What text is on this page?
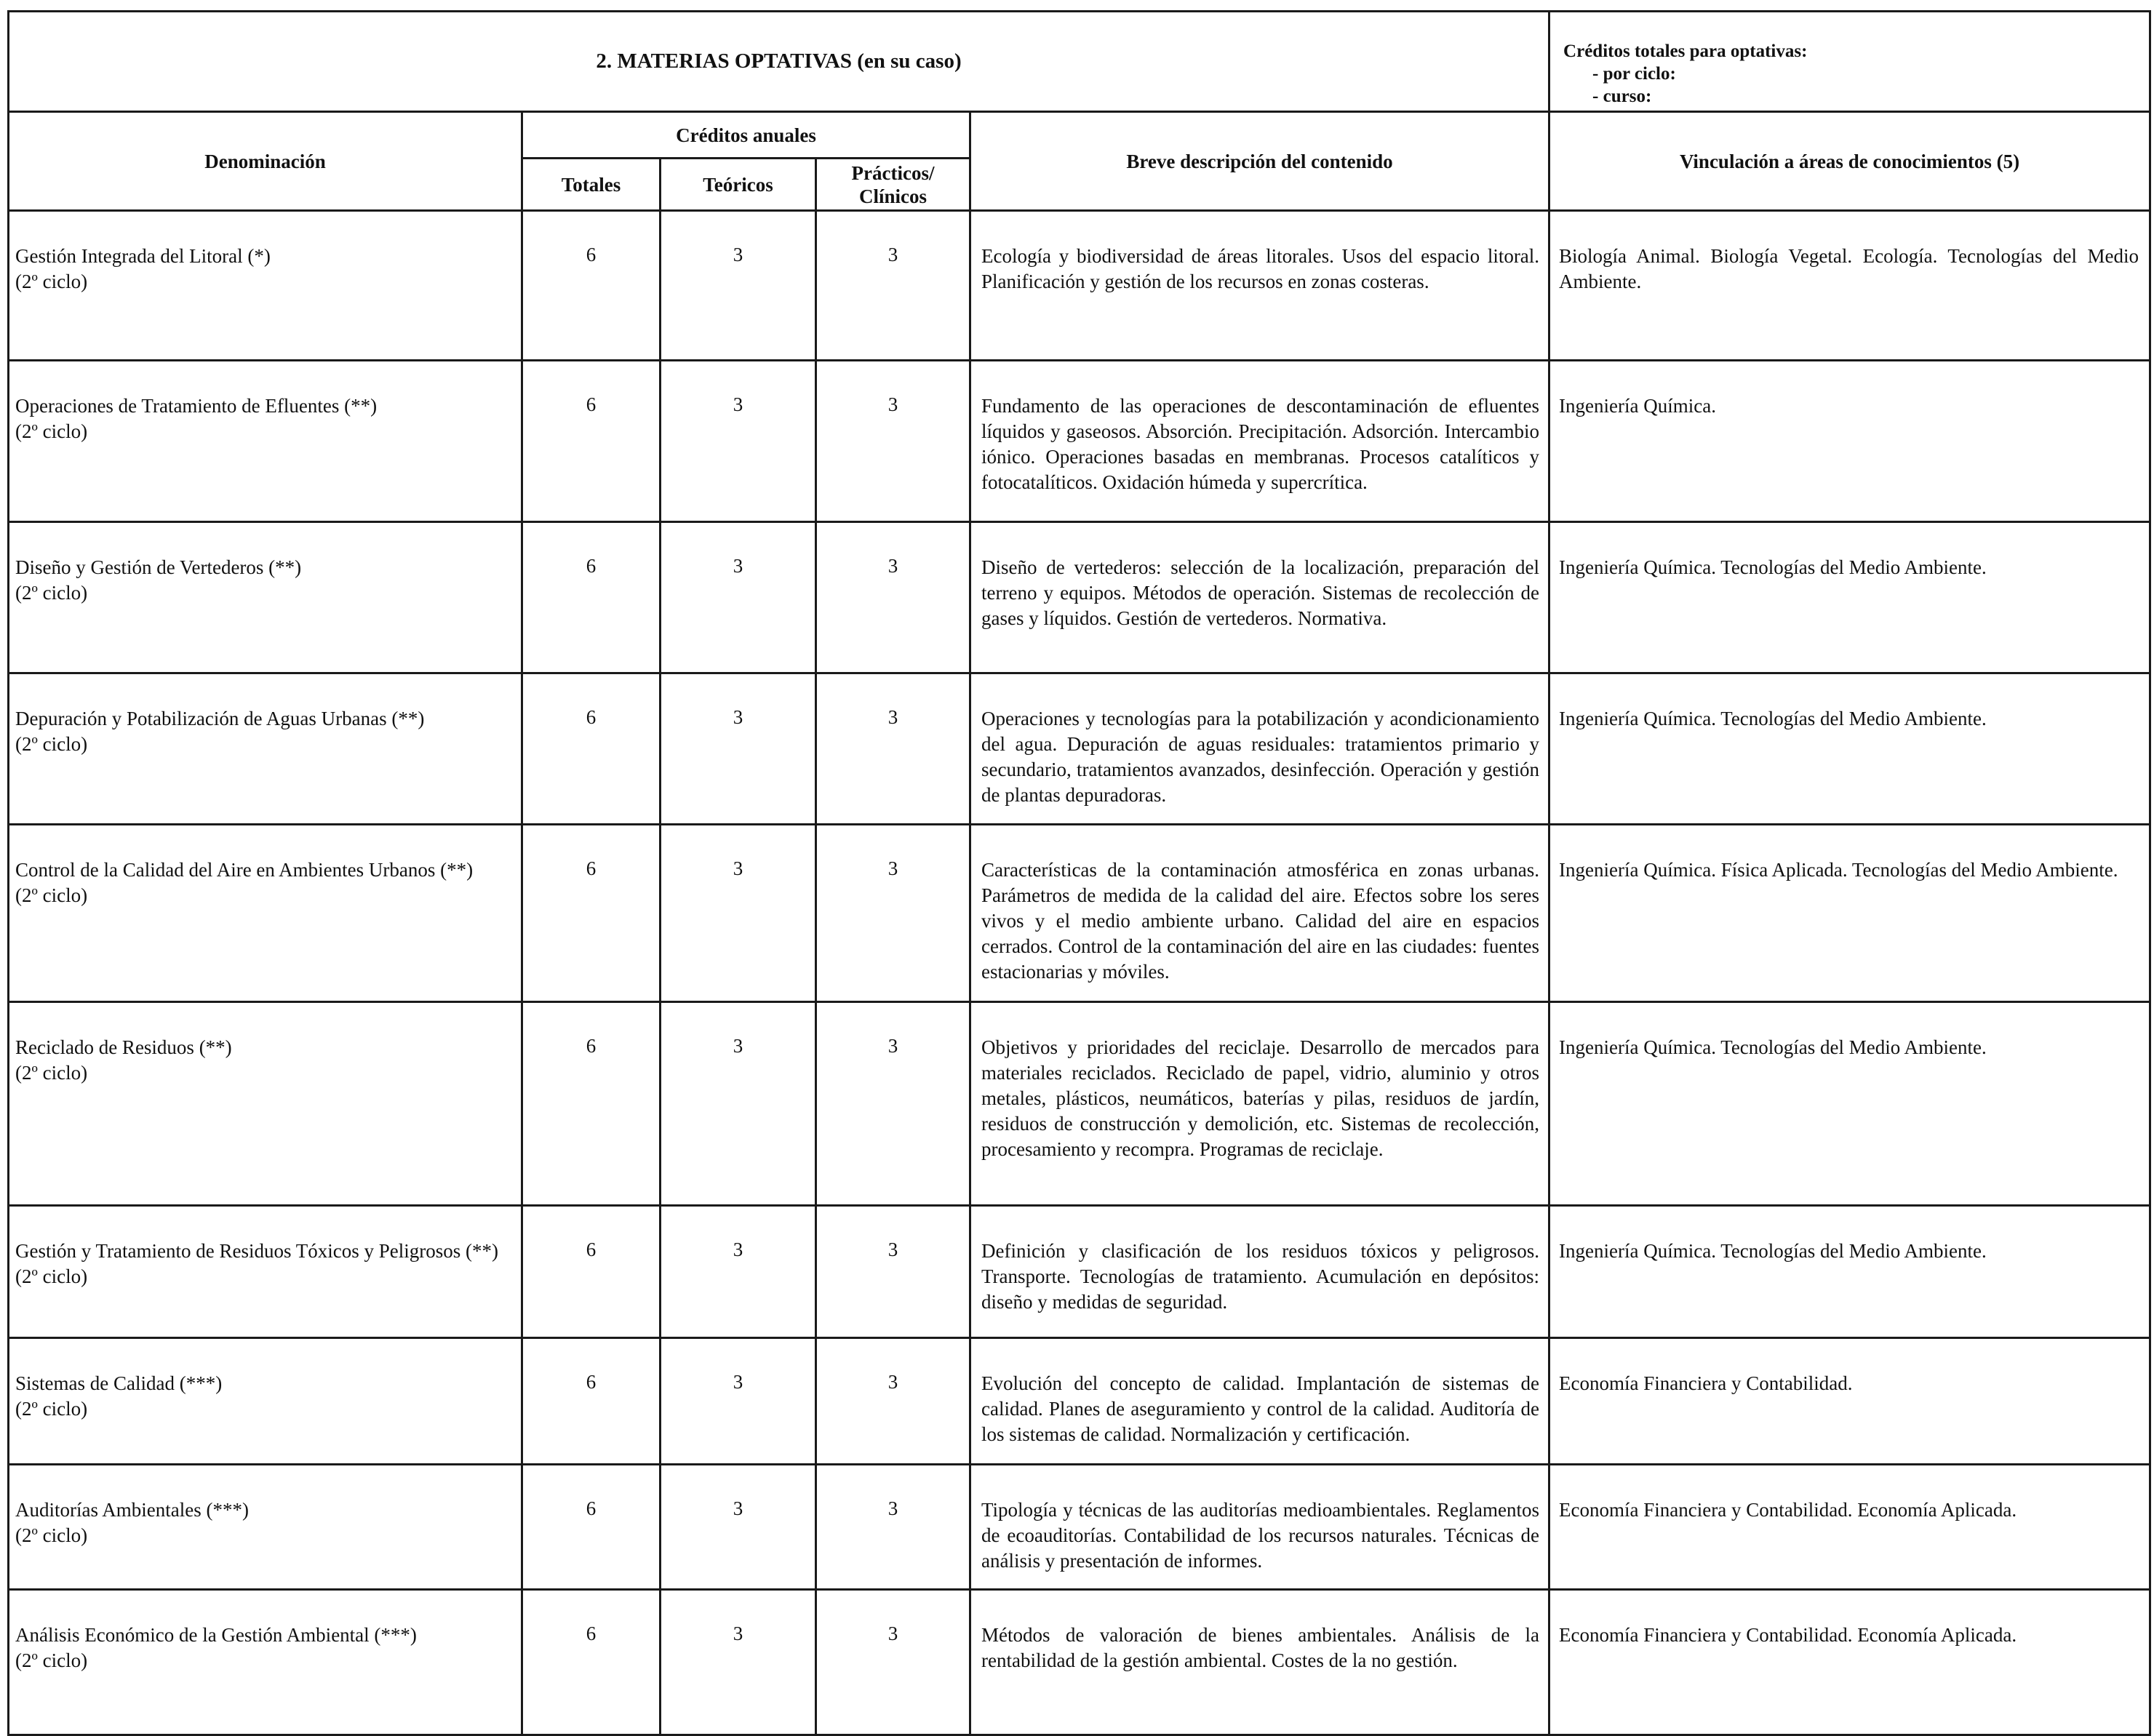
2. MATERIAS OPTATIVAS (en su caso)					Créditos totales para optativas:
- por ciclo:
- curso:

Denominación	Créditos anuales			Breve descripción del contenido	Vinculación a áreas de conocimientos (5)
	Totales	Teóricos	Prácticos/ Clínicos		

Gestión Integrada del Litoral (*)
(2º ciclo)	6	3	3	Ecología y biodiversidad de áreas litorales. Usos del espacio litoral. Planificación y gestión de los recursos en zonas costeras.	Biología Animal. Biología Vegetal. Ecología. Tecnologías del Medio Ambiente.

Operaciones de Tratamiento de Efluentes (**)
(2º ciclo)	6	3	3	Fundamento de las operaciones de descontaminación de efluentes líquidos y gaseosos. Absorción. Precipitación. Adsorción. Intercambio iónico. Operaciones basadas en membranas. Procesos catalíticos y fotocatalíticos. Oxidación húmeda y supercrítica.	Ingeniería Química.

Diseño y Gestión de Vertederos (**)
(2º ciclo)	6	3	3	Diseño de vertederos: selección de la localización, preparación del terreno y equipos. Métodos de operación. Sistemas de recolección de gases y líquidos. Gestión de vertederos. Normativa.	Ingeniería Química. Tecnologías del Medio Ambiente.

Depuración y Potabilización de Aguas Urbanas (**)
(2º ciclo)	6	3	3	Operaciones y tecnologías para la potabilización y acondicionamiento del agua. Depuración de aguas residuales: tratamientos primario y secundario, tratamientos avanzados, desinfección. Operación y gestión de plantas depuradoras.	Ingeniería Química. Tecnologías del Medio Ambiente.

Control de la Calidad del Aire en Ambientes Urbanos (**)
(2º ciclo)	6	3	3	Características de la contaminación atmosférica en zonas urbanas. Parámetros de medida de la calidad del aire. Efectos sobre los seres vivos y el medio ambiente urbano. Calidad del aire en espacios cerrados. Control de la contaminación del aire en las ciudades: fuentes estacionarias y móviles.	Ingeniería Química. Física Aplicada. Tecnologías del Medio Ambiente.

Reciclado de Residuos (**)
(2º ciclo)	6	3	3	Objetivos y prioridades del reciclaje. Desarrollo de mercados para materiales reciclados. Reciclado de papel, vidrio, aluminio y otros metales, plásticos, neumáticos, baterías y pilas, residuos de jardín, residuos de construcción y demolición, etc. Sistemas de recolección, procesamiento y recompra. Programas de reciclaje.	Ingeniería Química. Tecnologías del Medio Ambiente.

Gestión y Tratamiento de Residuos Tóxicos y Peligrosos (**)
(2º ciclo)	6	3	3	Definición y clasificación de los residuos tóxicos y peligrosos. Transporte. Tecnologías de tratamiento. Acumulación en depósitos: diseño y medidas de seguridad.	Ingeniería Química. Tecnologías del Medio Ambiente.

Sistemas de Calidad (***)
(2º ciclo)	6	3	3	Evolución del concepto de calidad. Implantación de sistemas de calidad. Planes de aseguramiento y control de la calidad. Auditoría de los sistemas de calidad. Normalización y certificación.	Economía Financiera y Contabilidad.

Auditorías Ambientales (***)
(2º ciclo)	6	3	3	Tipología y técnicas de las auditorías medioambientales. Reglamentos de ecoauditorías. Contabilidad de los recursos naturales. Técnicas de análisis y presentación de informes.	Economía Financiera y Contabilidad. Economía Aplicada.

Análisis Económico de la Gestión Ambiental (***)
(2º ciclo)	6	3	3	Métodos de valoración de bienes ambientales. Análisis de la rentabilidad de la gestión ambiental. Costes de la no gestión.	Economía Financiera y Contabilidad. Economía Aplicada.
